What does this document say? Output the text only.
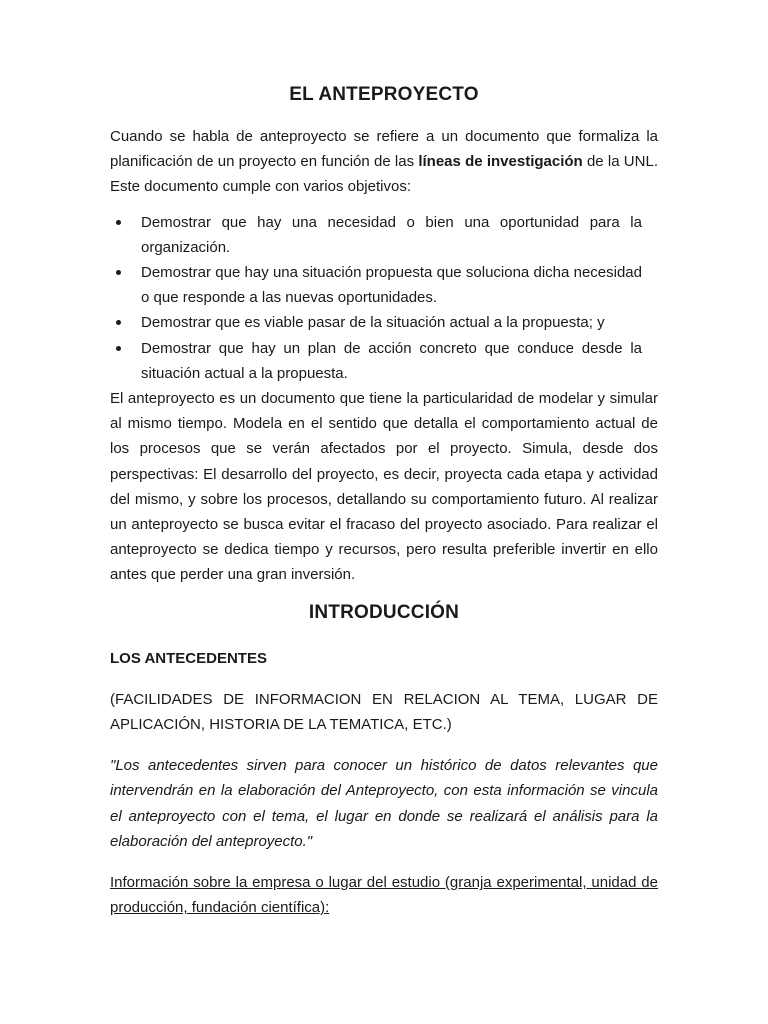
EL ANTEPROYECTO

Cuando se habla de anteproyecto se refiere a un documento que formaliza la planificación de un proyecto en función de las líneas de investigación de la UNL. Este documento cumple con varios objetivos:

Demostrar que hay una necesidad o bien una oportunidad para la organización.
Demostrar que hay una situación propuesta que soluciona dicha necesidad o que responde a las nuevas oportunidades.
Demostrar que es viable pasar de la situación actual a la propuesta; y
Demostrar que hay un plan de acción concreto que conduce desde la situación actual a la propuesta.

El anteproyecto es un documento que tiene la particularidad de modelar y simular al mismo tiempo. Modela en el sentido que detalla el comportamiento actual de los procesos que se verán afectados por el proyecto. Simula, desde dos perspectivas: El desarrollo del proyecto, es decir, proyecta cada etapa y actividad del mismo, y sobre los procesos, detallando su comportamiento futuro. Al realizar un anteproyecto se busca evitar el fracaso del proyecto asociado. Para realizar el anteproyecto se dedica tiempo y recursos, pero resulta preferible invertir en ello antes que perder una gran inversión.

INTRODUCCIÓN

LOS ANTECEDENTES

(FACILIDADES DE INFORMACION EN RELACION AL TEMA, LUGAR DE APLICACIÓN, HISTORIA DE LA TEMATICA, ETC.)

"Los antecedentes sirven para conocer un histórico de datos relevantes que intervendrán en la elaboración del Anteproyecto, con esta información se vincula el anteproyecto con el tema, el lugar en donde se realizará el análisis para la elaboración del anteproyecto."

Información sobre la empresa o lugar del estudio (granja experimental, unidad de producción, fundación científica):
